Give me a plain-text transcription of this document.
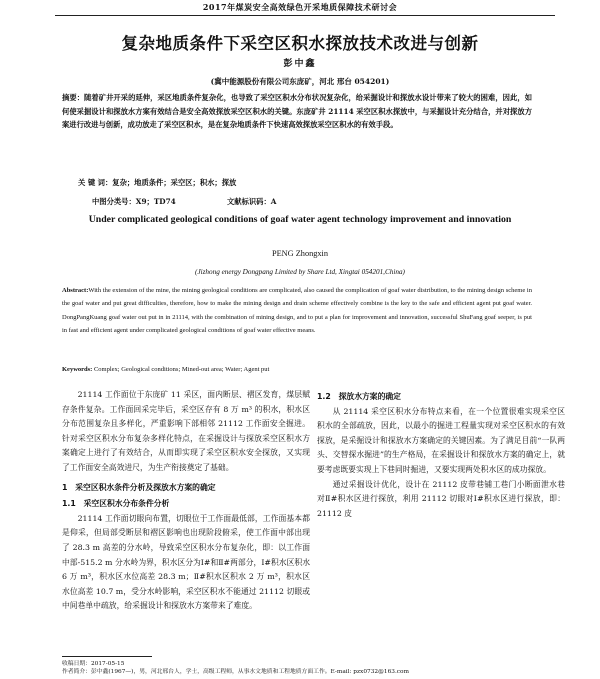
2017年煤炭安全高效绿色开采地质保障技术研讨会
复杂地质条件下采空区积水探放技术改进与创新
彭中鑫
(冀中能源股份有限公司东庞矿，河北 邢台 054201)
摘要：随着矿井开采的延伸，采区地质条件复杂化，也导致了采空区积水分布状况复杂化，给采掘设计和探放水设计带来了较大的困难，因此，如何使采掘设计和探放水方案有效结合是安全高效探放采空区积水的关键。东庞矿井 21114 采空区积水探放中，与采掘设计充分结合，并对探放方案进行改进与创新，成功放走了采空区积水，是在复杂地质条件下快速高效探放采空区积水的有效手段。
关 键 词：复杂；地质条件；采空区；积水；探放
中图分类号：X9；TD74	文献标识码：A
Under complicated geological conditions of goaf water agent technology improvement and innovation
PENG Zhongxin
(Jizhong energy Dongpang Limited by Share Ltd, Xingtai 054201,China)
Abstract:With the extension of the mine, the mining geological conditions are complicated, also caused the complication of goaf water distribution, to the mining design scheme in the goaf water and put great difficulties, therefore, how to make the mining design and drain scheme effectively combine is the key to the safe and efficient agent put goaf water. DongPangKuang goaf water out put in in 21114, with the combination of mining design, and to put a plan for improvement and innovation, successful ShuFang goaf seeper, is put in fast and efficient agent under complicated geological conditions of goaf water effective means.
Keywords: Complex; Geological conditions; Mined-out area; Water; Agent put

21114 工作面位于东庞矿 11 采区，面内断层、褶区发育，煤层赋存条件复杂。工作面回采完毕后，采空区存有 8 万 m³ 的积水，积水区分布范围复杂且多样化，严重影响下部相邻 21112 工作面安全掘进。针对采空区积水分布复杂多样化特点，在采掘设计与探放采空区积水方案确定上进行了有效结合，从而即实现了采空区积水安全探放，又实现了工作面安全高效进尺，为生产衔接奠定了基础。

1　采空区积水条件分析及探放水方案的确定
1.1　采空区积水分布条件分析

21114 工作面切眼向布置，切眼位于工作面最低部，工作面基本都是仰采，但局部受断层和褶区影响也出现阶段俯采，使工作面中部出现了 28.3 m 高差的分水岭，导致采空区积水分布复杂化，即：以工作面中部-515.2 m 分水岭为界，积水区分为Ⅰ#和Ⅱ#两部分，Ⅰ#积水区积水 6 万 m³，积水区水位高差 28.3 m；Ⅱ#积水区积水 2 万 m³，积水区水位高差 10.7 m，受分水岭影响，采空区积水不能通过 21112 切眼或中间巷单中疏放，给采掘设计和探放水方案带来了难度。

1.2　探放水方案的确定

从 21114 采空区积水分布特点来看，在一个位置很难实现采空区积水的全部疏放，因此，以最小的掘进工程量实现对采空区积水的有效探放，是采掘设计和探放水方案确定的关键因素。为了满足目前“一队两头、交替探水掘进”的生产格局，在采掘设计和探放水方案的确定上，就要考虑既要实现上下巷同时掘进，又要实现两处积水区的成功探放。

通过采掘设计优化，设计在 21112 皮带巷铺工巷门小断面泄水巷对Ⅱ#积水区进行探放，利用 21112 切眼对Ⅰ#积水区进行探放，即：21112 皮

收稿日期：2017-05-15
作者简介：彭中鑫(1967—)，男，河北邢台人，学士，高级工程师，从事水文地质和工程地质方面工作。E-mail: pzx0732@163.com
